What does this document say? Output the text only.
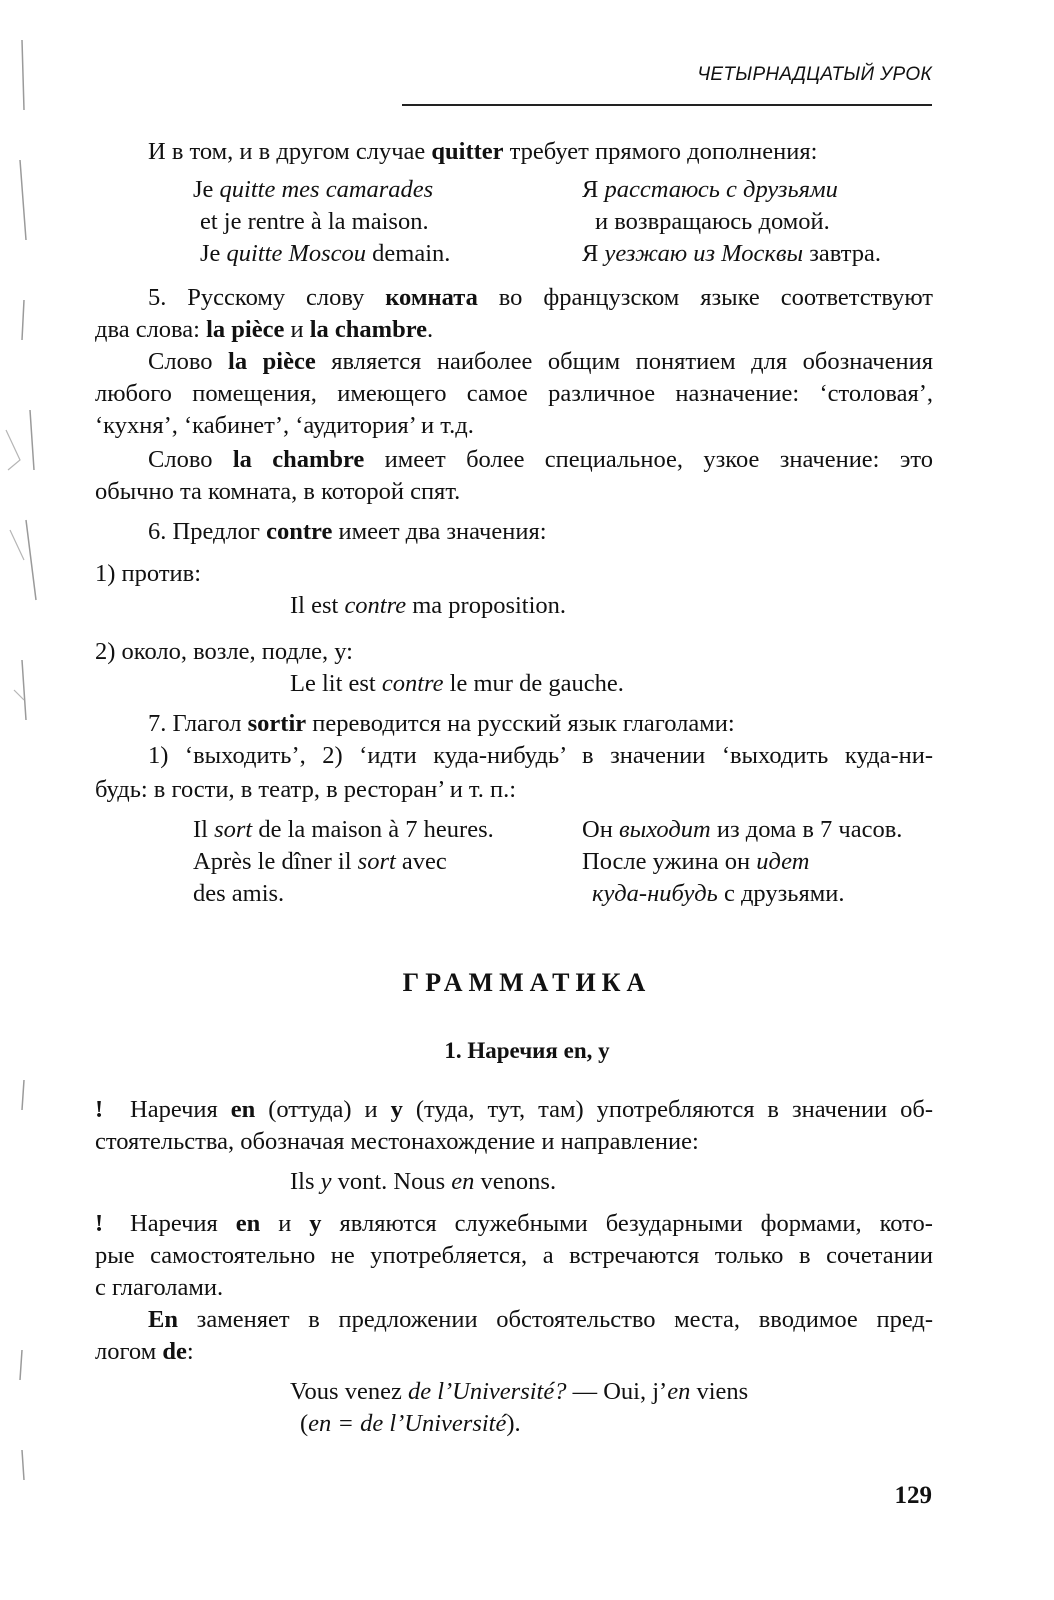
ЧЕТЫРНАДЦАТЫЙ УРОК
И в том, и в другом случае quitter требует прямого дополнения:
Je quitte mes camarades
et je rentre à la maison.
Je quitte Moscou demain.
Я расстаюсь с друзьями
и возвращаюсь домой.
Я уезжаю из Москвы завтра.
5. Русскому слову комната во французском языке соответствуют
два слова: la pièce и la chambre.
Слово la pièce является наиболее общим понятием для обозначения
любого помещения, имеющего самое различное назначение: ‘столовая’,
‘кухня’, ‘кабинет’, ‘аудитория’ и т.д.
Слово la chambre имеет более специальное, узкое значение: это
обычно та комната, в которой спят.
6. Предлог contre имеет два значения:
1) против:
Il est contre ma proposition.
2) около, возле, подле, у:
Le lit est contre le mur de gauche.
7. Глагол sortir переводится на русский язык глаголами:
1) ‘выходить’, 2) ‘идти куда-нибудь’ в значении ‘выходить куда-ни-
будь: в гости, в театр, в ресторан’ и т. п.:
Il sort de la maison à 7 heures.
Après le dîner il sort avec
des amis.
Он выходит из дома в 7 часов.
После ужина он идет
куда-нибудь с друзьями.
ГРАММАТИКА
1. Наречия en, y
! Наречия en (оттуда) и y (туда, тут, там) употребляются в значении об-
стоятельства, обозначая местонахождение и направление:
Ils y vont. Nous en venons.
! Наречия en и y являются служебными безударными формами, кото-
рые самостоятельно не употребляется, а встречаются только в сочетании
с глаголами.
En заменяет в предложении обстоятельство места, вводимое пред-
логом de:
Vous venez de l’Université? — Oui, j’en viens
(en = de l’Université).
129
